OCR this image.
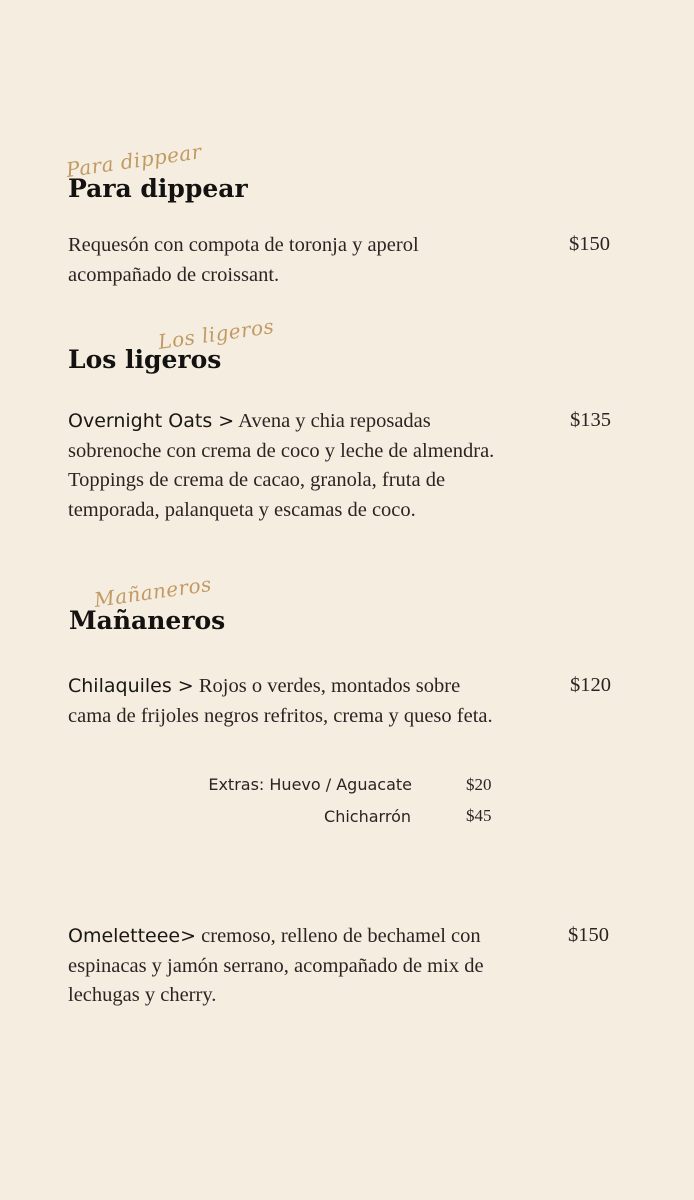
Para dippear
Para dippear
Requesón con compota de toronja y aperol acompañado de croissant.
$150
Los ligeros
Los ligeros
Overnight Oats > Avena y chia reposadas sobrenoche con crema de coco y leche de almendra. Toppings de crema de cacao, granola, fruta de temporada, palanqueta y escamas de coco.
$135
Mañaneros
Mañaneros
Chilaquiles > Rojos o verdes, montados sobre cama de frijoles negros refritos, crema y queso feta.
$120
Extras: Huevo / Aguacate	$20
Chicharrón	$45
Omeletteee> cremoso, relleno de bechamel con espinacas y jamón serrano, acompañado de mix de lechugas y cherry.
$150
